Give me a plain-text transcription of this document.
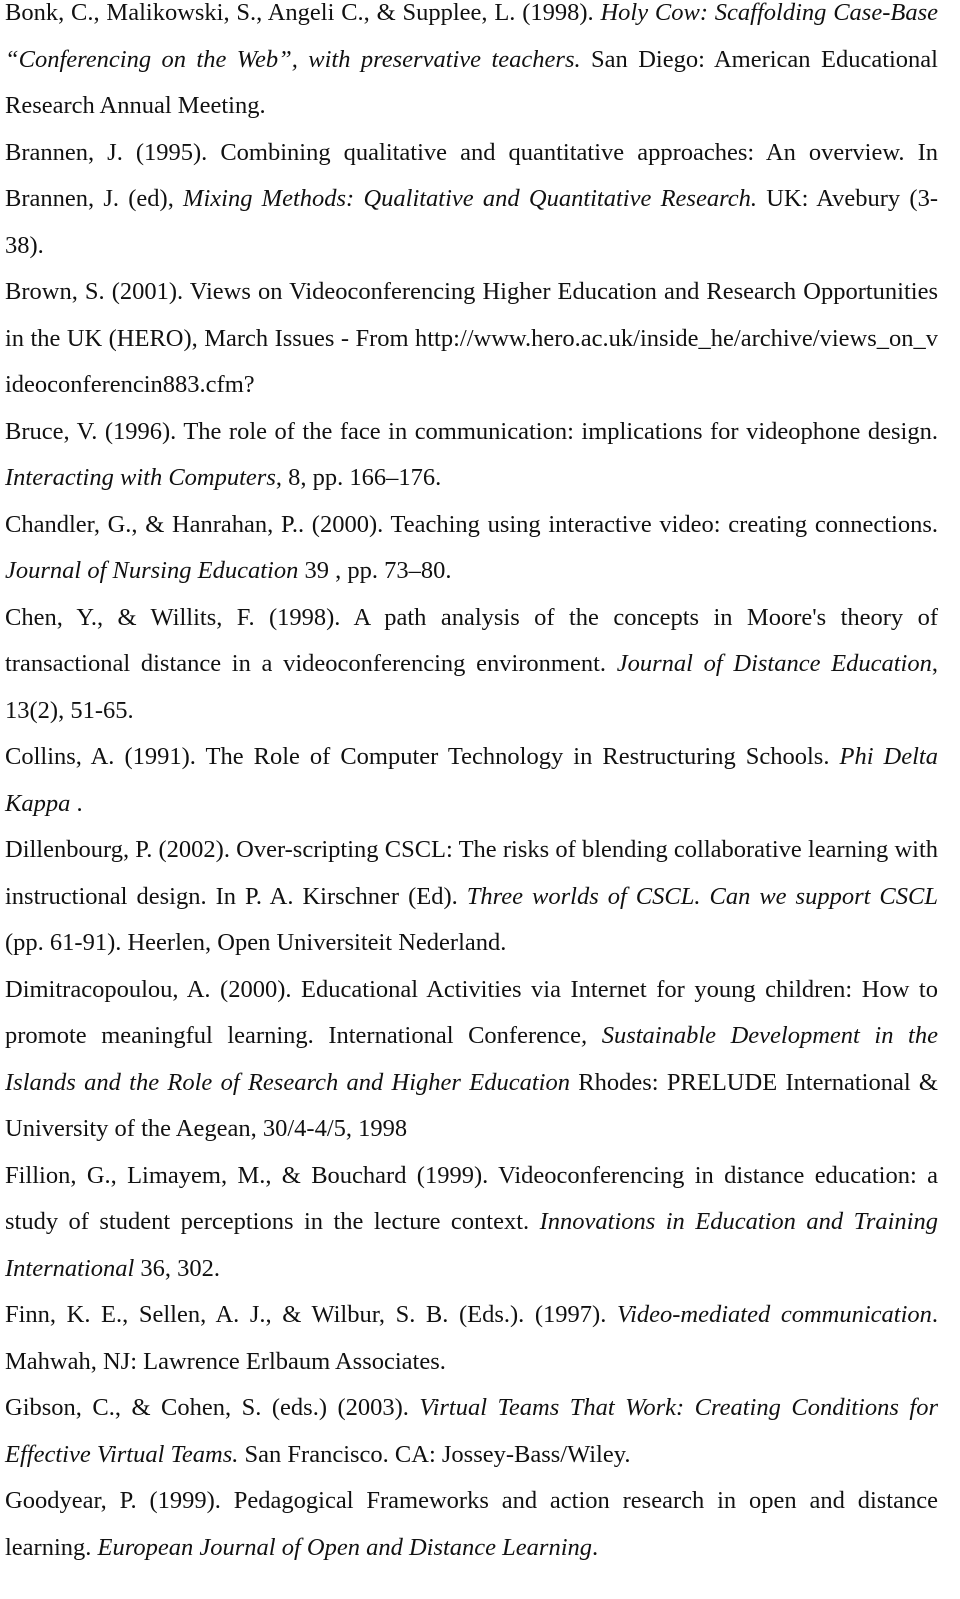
Bonk, C., Malikowski, S., Angeli C., & Supplee, L. (1998). Holy Cow: Scaffolding Case-Base “Conferencing on the Web”, with preservative teachers. San Diego: American Educational Research Annual Meeting.

Brannen, J. (1995). Combining qualitative and quantitative approaches: An overview. In Brannen, J. (ed), Mixing Methods: Qualitative and Quantitative Research. UK: Avebury (3-38).

Brown, S. (2001). Views on Videoconferencing Higher Education and Research Opportunities in the UK (HERO), March Issues - From http://www.hero.ac.uk/inside_he/archive/views_on_videoconferencin883.cfm?

Bruce, V. (1996). The role of the face in communication: implications for videophone design. Interacting with Computers, 8, pp. 166–176.

Chandler, G., & Hanrahan, P.. (2000). Teaching using interactive video: creating connections. Journal of Nursing Education 39 , pp. 73–80.

Chen, Y., & Willits, F. (1998). A path analysis of the concepts in Moore's theory of transactional distance in a videoconferencing environment. Journal of Distance Education, 13(2), 51-65.

Collins, A. (1991). The Role of Computer Technology in Restructuring Schools. Phi Delta Kappa .

Dillenbourg, P. (2002). Over-scripting CSCL: The risks of blending collaborative learning with instructional design. In P. A. Kirschner (Ed). Three worlds of CSCL. Can we support CSCL (pp. 61-91). Heerlen, Open Universiteit Nederland.

Dimitracopoulou, A. (2000). Educational Activities via Internet for young children: How to promote meaningful learning. International Conference, Sustainable Development in the Islands and the Role of Research and Higher Education Rhodes: PRELUDE International & University of the Aegean, 30/4-4/5, 1998

Fillion, G., Limayem, M., & Bouchard (1999). Videoconferencing in distance education: a study of student perceptions in the lecture context. Innovations in Education and Training International 36, 302.

Finn, K. E., Sellen, A. J., & Wilbur, S. B. (Eds.). (1997). Video-mediated communication. Mahwah, NJ: Lawrence Erlbaum Associates.

Gibson, C., & Cohen, S. (eds.) (2003). Virtual Teams That Work: Creating Conditions for Effective Virtual Teams. San Francisco. CA: Jossey-Bass/Wiley.

Goodyear, P. (1999). Pedagogical Frameworks and action research in open and distance learning. European Journal of Open and Distance Learning.
